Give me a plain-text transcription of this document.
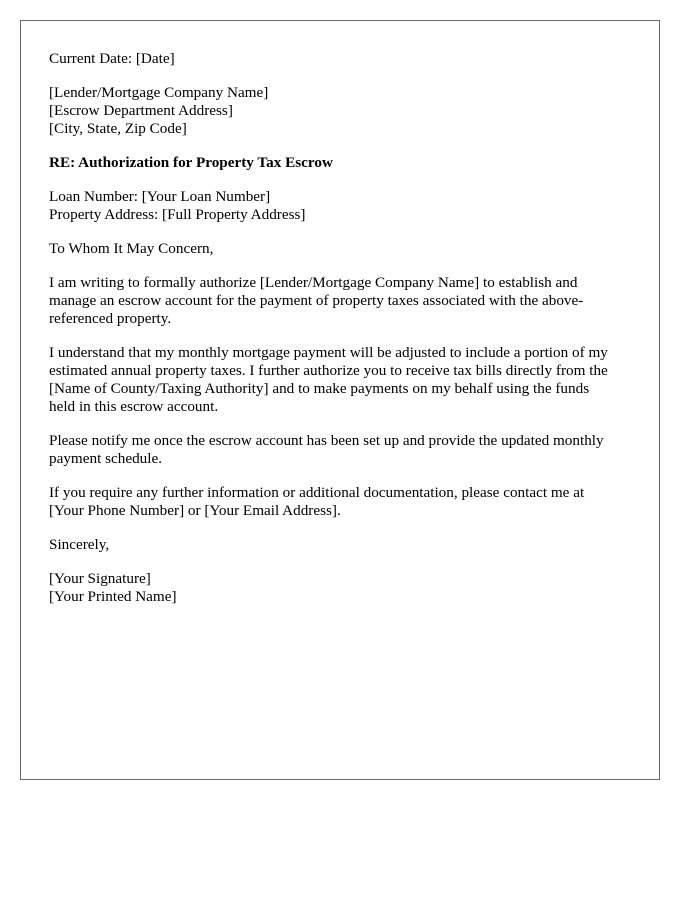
Current Date: [Date]
[Lender/Mortgage Company Name]
[Escrow Department Address]
[City, State, Zip Code]
RE: Authorization for Property Tax Escrow
Loan Number: [Your Loan Number]
Property Address: [Full Property Address]
To Whom It May Concern,

I am writing to formally authorize [Lender/Mortgage Company Name] to establish and manage an escrow account for the payment of property taxes associated with the above-referenced property.

I understand that my monthly mortgage payment will be adjusted to include a portion of my estimated annual property taxes. I further authorize you to receive tax bills directly from the [Name of County/Taxing Authority] and to make payments on my behalf using the funds held in this escrow account.

Please notify me once the escrow account has been set up and provide the updated monthly payment schedule.

If you require any further information or additional documentation, please contact me at [Your Phone Number] or [Your Email Address].

Sincerely,
[Your Signature]
[Your Printed Name]
